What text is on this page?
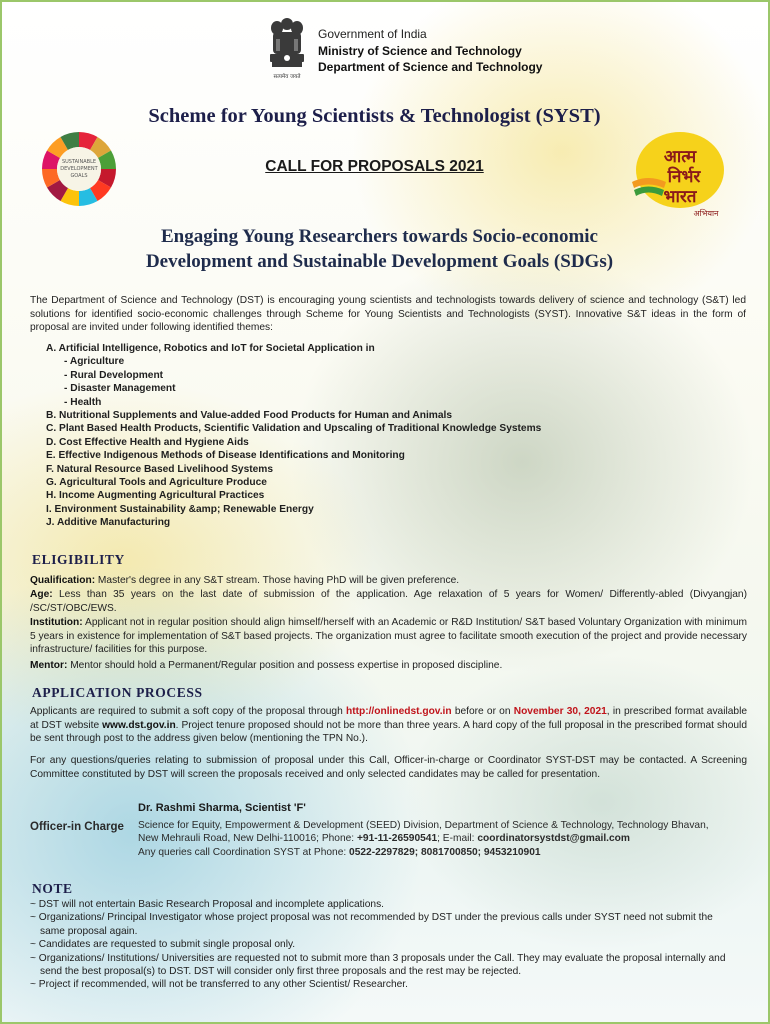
सत्यमेव जयते
Government of India
Ministry of Science and Technology
Department of Science and Technology
Scheme for Young Scientists & Technologist (SYST)
SUSTAINABLE
DEVELOPMENT
GOALS
CALL FOR PROPOSALS 2021	आत्म
निर्भर
भारत
अभियान
Engaging Young Researchers towards Socio-economic
Development and Sustainable Development Goals (SDGs)
The Department of Science and Technology (DST) is encouraging young scientists and technologists towards delivery of science and technology (S&T) led solutions for identified socio-economic challenges through Scheme for Young Scientists and Technologists (SYST). Innovative S&T ideas in the form of proposal are invited under following identified themes:
A. Artificial Intelligence, Robotics and IoT for Societal Application in
- Agriculture
- Rural Development
- Disaster Management
- Health
B. Nutritional Supplements and Value-added Food Products for Human and Animals
C. Plant Based Health Products, Scientific Validation and Upscaling of Traditional Knowledge Systems
D. Cost Effective Health and Hygiene Aids
E. Effective Indigenous Methods of Disease Identifications and Monitoring
F. Natural Resource Based Livelihood Systems
G. Agricultural Tools and Agriculture Produce
H. Income Augmenting Agricultural Practices
I. Environment Sustainability &amp; Renewable Energy
J. Additive Manufacturing
ELIGIBILITY
Qualification: Master's degree in any S&T stream. Those having PhD will be given preference.
Age: Less than 35 years on the last date of submission of the application. Age relaxation of 5 years for Women/ Differently-abled (Divyangjan) /SC/ST/OBC/EWS.
Institution: Applicant not in regular position should align himself/herself with an Academic or R&D Institution/ S&T based Voluntary Organization with minimum 5 years in existence for implementation of S&T based projects. The organization must agree to facilitate smooth execution of the project and provide necessary infrastructure/ facilities for this purpose.
Mentor: Mentor should hold a Permanent/Regular position and possess expertise in proposed discipline.
APPLICATION PROCESS
Applicants are required to submit a soft copy of the proposal through http://onlinedst.gov.in before or on November 30, 2021, in prescribed format available at DST website www.dst.gov.in. Project tenure proposed should not be more than three years. A hard copy of the full proposal in the prescribed format should be sent through post to the address given below (mentioning the TPN No.).
For any questions/queries relating to submission of proposal under this Call, Officer-in-charge or Coordinator SYST-DST may be contacted. A Screening Committee constituted by DST will screen the proposals received and only selected candidates may be called for presentation.
Officer-in Charge
Dr. Rashmi Sharma, Scientist 'F'
Science for Equity, Empowerment & Development (SEED) Division, Department of Science & Technology, Technology Bhavan,
New Mehrauli Road, New Delhi-110016; Phone: +91-11-26590541; E-mail: coordinatorsystdst@gmail.com
Any queries call Coordination SYST at Phone: 0522-2297829; 8081700850; 9453210901
NOTE
~ DST will not entertain Basic Research Proposal and incomplete applications.
~ Organizations/ Principal Investigator whose project proposal was not recommended by DST under the previous calls under SYST need not submit the same proposal again.
~ Candidates are requested to submit single proposal only.
~ Organizations/ Institutions/ Universities are requested not to submit more than 3 proposals under the Call. They may evaluate the proposal internally and send the best proposal(s) to DST. DST will consider only first three proposals and the rest may be rejected.
~ Project if recommended, will not be transferred to any other Scientist/ Researcher.
